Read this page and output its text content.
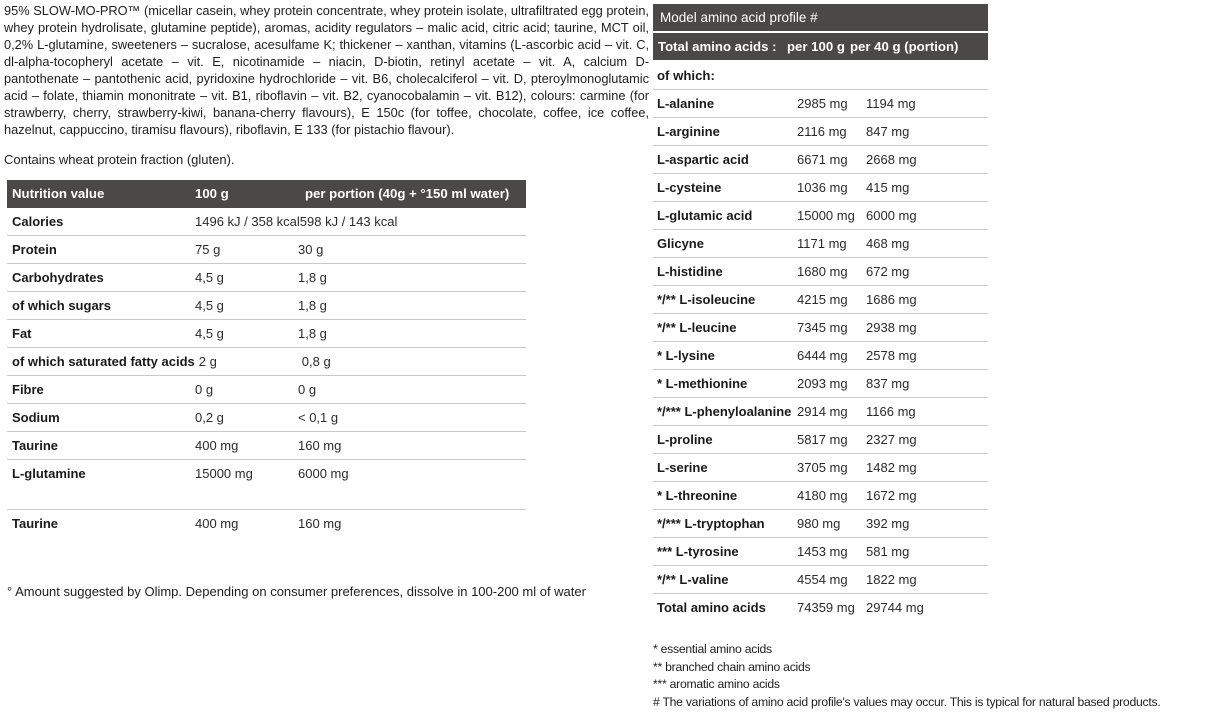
95% SLOW-MO-PRO™ (micellar casein, whey protein concentrate, whey protein isolate, ultrafiltrated egg protein, whey protein hydrolisate, glutamine peptide), aromas, acidity regulators – malic acid, citric acid; taurine, MCT oil, 0,2% L-glutamine, sweeteners – sucralose, acesulfame K; thickener – xanthan, vitamins (L-ascorbic acid – vit. C, dl-alpha-tocopheryl acetate – vit. E, nicotinamide – niacin, D-biotin, retinyl acetate – vit. A, calcium D-pantothenate – pantothenic acid, pyridoxine hydrochloride – vit. B6, cholecalciferol – vit. D, pteroylmonoglutamic acid – folate, thiamin mononitrate – vit. B1, riboflavin – vit. B2, cyanocobalamin – vit. B12), colours: carmine (for strawberry, cherry, strawberry-kiwi, banana-cherry flavours), E 150c (for toffee, chocolate, coffee, ice coffee, hazelnut, cappuccino, tiramisu flavours), riboflavin, E 133 (for pistachio flavour).
Contains wheat protein fraction (gluten).
Nutrition value	100 g	per portion (40g + °150 ml water)
Calories	1496 kJ / 358 kcal 598 kJ / 143 kcal
Protein	75 g	30 g
Carbohydrates	4,5 g	1,8 g
of which sugars	4,5 g	1,8 g
Fat	4,5 g	1,8 g
of which saturated fatty acids 2 g	0,8 g
Fibre	0 g	0 g
Sodium	0,2 g	< 0,1 g
Taurine	400 mg	160 mg
L-glutamine	15000 mg	6000 mg
Taurine	400 mg	160 mg
° Amount suggested by Olimp. Depending on consumer preferences, dissolve in 100-200 ml of water
Model amino acid profile #
Total amino acids : per 100 g per 40 g (portion)
of which:
L-alanine	2985 mg	1194 mg
L-arginine	2116 mg	847 mg
L-aspartic acid	6671 mg	2668 mg
L-cysteine	1036 mg	415 mg
L-glutamic acid	15000 mg 6000 mg
Glicyne	1171 mg	468 mg
L-histidine	1680 mg	672 mg
*/** L-isoleucine	4215 mg	1686 mg
*/** L-leucine	7345 mg	2938 mg
* L-lysine	6444 mg	2578 mg
* L-methionine	2093 mg	837 mg
*/*** L-phenyloalanine 2914 mg	1166 mg
L-proline	5817 mg	2327 mg
L-serine	3705 mg	1482 mg
* L-threonine	4180 mg	1672 mg
*/*** L-tryptophan	980 mg	392 mg
*** L-tyrosine	1453 mg	581 mg
*/** L-valine	4554 mg	1822 mg
Total amino acids	74359 mg 29744 mg
* essential amino acids
** branched chain amino acids
*** aromatic amino acids
# The variations of amino acid profile's values may occur. This is typical for natural based products.
